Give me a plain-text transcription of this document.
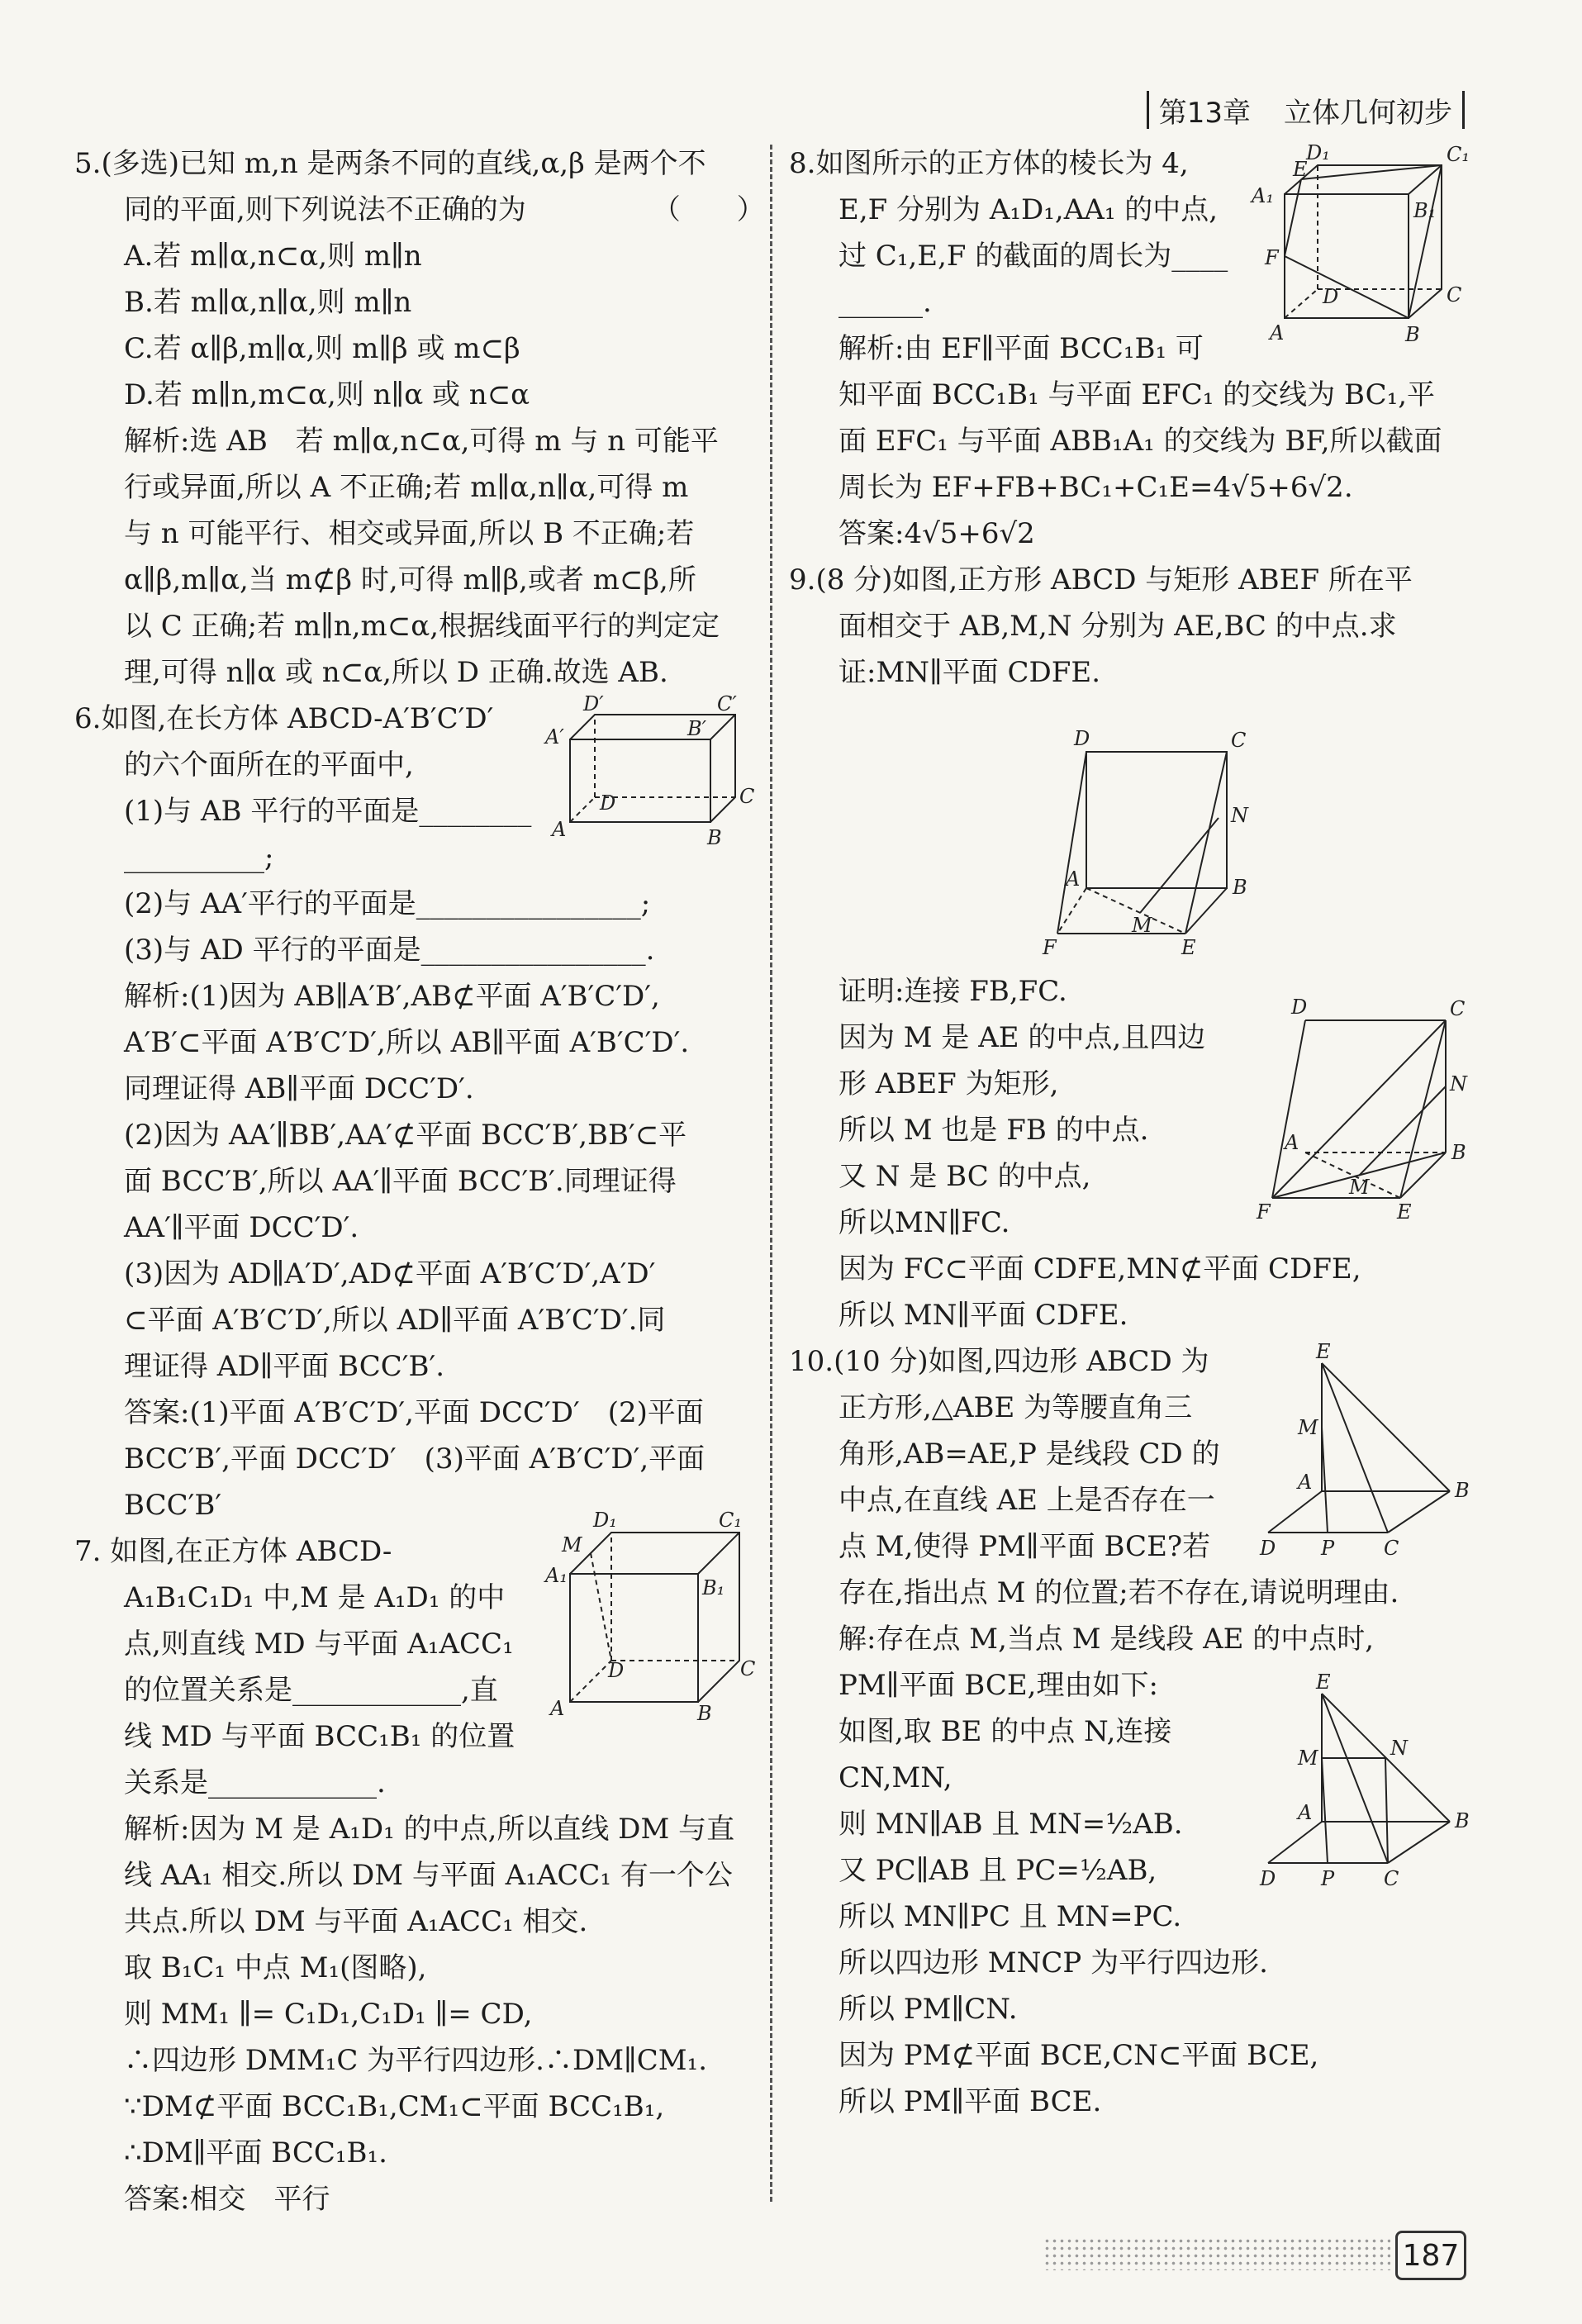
第13章 立体几何初步

5.(多选)已知 m,n 是两条不同的直线,α,β 是两个不

同的平面,则下列说法不正确的为　　　　　（　　）

A.若 m∥α,n⊂α,则 m∥n

B.若 m∥α,n∥α,则 m∥n

C.若 α∥β,m∥α,则 m∥β 或 m⊂β

D.若 m∥n,m⊂α,则 n∥α 或 n⊂α

解析:选 AB　若 m∥α,n⊂α,可得 m 与 n 可能平

行或异面,所以 A 不正确;若 m∥α,n∥α,可得 m

与 n 可能平行、相交或异面,所以 B 不正确;若

α∥β,m∥α,当 m⊄β 时,可得 m∥β,或者 m⊂β,所

以 C 正确;若 m∥n,m⊂α,根据线面平行的判定定

理,可得 n∥α 或 n⊂α,所以 D 正确.故选 AB.

6.如图,在长方体 ABCD-A′B′C′D′

的六个面所在的平面中,

(1)与 AB 平行的平面是________

__________;

(2)与 AA′平行的平面是________________;

(3)与 AD 平行的平面是________________.

解析:(1)因为 AB∥A′B′,AB⊄平面 A′B′C′D′,

A′B′⊂平面 A′B′C′D′,所以 AB∥平面 A′B′C′D′.

同理证得 AB∥平面 DCC′D′.

(2)因为 AA′∥BB′,AA′⊄平面 BCC′B′,BB′⊂平

面 BCC′B′,所以 AA′∥平面 BCC′B′.同理证得

AA′∥平面 DCC′D′.

(3)因为 AD∥A′D′,AD⊄平面 A′B′C′D′,A′D′

⊂平面 A′B′C′D′,所以 AD∥平面 A′B′C′D′.同

理证得 AD∥平面 BCC′B′.

答案:(1)平面 A′B′C′D′,平面 DCC′D′　(2)平面

BCC′B′,平面 DCC′D′　(3)平面 A′B′C′D′,平面

BCC′B′

7. 如图,在正方体 ABCD-

A₁B₁C₁D₁ 中,M 是 A₁D₁ 的中

点,则直线 MD 与平面 A₁ACC₁

的位置关系是____________,直

线 MD 与平面 BCC₁B₁ 的位置

关系是____________.

解析:因为 M 是 A₁D₁ 的中点,所以直线 DM 与直

线 AA₁ 相交.所以 DM 与平面 A₁ACC₁ 有一个公

共点.所以 DM 与平面 A₁ACC₁ 相交.

取 B₁C₁ 中点 M₁(图略),

则 MM₁ ∥= C₁D₁,C₁D₁ ∥= CD,

∴四边形 DMM₁C 为平行四边形.∴DM∥CM₁.

∵DM⊄平面 BCC₁B₁,CM₁⊂平面 BCC₁B₁,

∴DM∥平面 BCC₁B₁.

答案:相交　平行

8.如图所示的正方体的棱长为 4,

E,F 分别为 A₁D₁,AA₁ 的中点,

过 C₁,E,F 的截面的周长为____

______.

解析:由 EF∥平面 BCC₁B₁ 可

知平面 BCC₁B₁ 与平面 EFC₁ 的交线为 BC₁,平

面 EFC₁ 与平面 ABB₁A₁ 的交线为 BF,所以截面

周长为 EF+FB+BC₁+C₁E=4√5+6√2.

答案:4√5+6√2

9.(8 分)如图,正方形 ABCD 与矩形 ABEF 所在平

面相交于 AB,M,N 分别为 AE,BC 的中点.求

证:MN∥平面 CDFE.

证明:连接 FB,FC.

因为 M 是 AE 的中点,且四边

形 ABEF 为矩形,

所以 M 也是 FB 的中点.

又 N 是 BC 的中点,

所以MN∥FC.

因为 FC⊂平面 CDFE,MN⊄平面 CDFE,

所以 MN∥平面 CDFE.

10.(10 分)如图,四边形 ABCD 为

正方形,△ABE 为等腰直角三

角形,AB=AE,P 是线段 CD 的

中点,在直线 AE 上是否存在一

点 M,使得 PM∥平面 BCE?若

存在,指出点 M 的位置;若不存在,请说明理由.

解:存在点 M,当点 M 是线段 AE 的中点时,

PM∥平面 BCE,理由如下:

如图,取 BE 的中点 N,连接

CN,MN,

则 MN∥AB 且 MN=½AB.

又 PC∥AB 且 PC=½AB,

所以 MN∥PC 且 MN=PC.

所以四边形 MNCP 为平行四边形.

所以 PM∥CN.

因为 PM⊄平面 BCE,CN⊂平面 BCE,

所以 PM∥平面 BCE.

D′	C′
A′	B′
D	C
A	B
D₁	C₁
M
A₁
B₁
D	C
A	B
D₁	C₁
E
A₁
B₁
F
D	C
A	B
D	C
N
A	B
M
F	E
D	C
N
A	B
M
F	E
E
M
A	B
D P C
E
M	N
A	B
D P C
187
